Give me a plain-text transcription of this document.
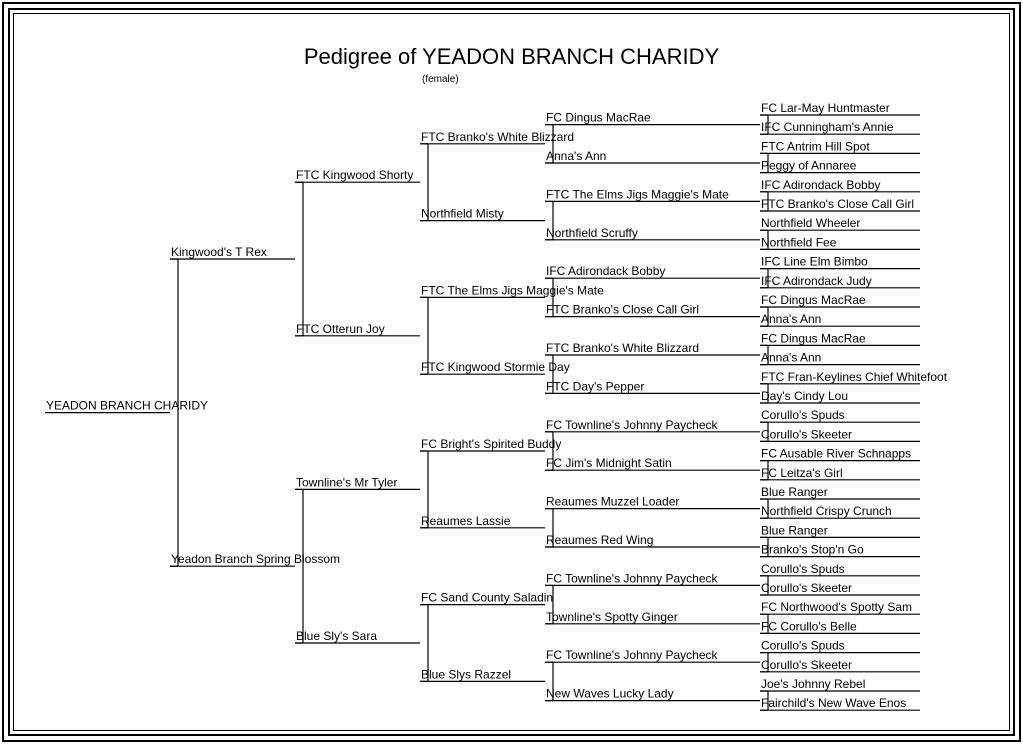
Pedigree of YEADON BRANCH CHARIDY
(female)
FC Lar-May Huntmaster
IFC Cunningham's Annie
FC Dingus MacRae
FTC Antrim Hill Spot
Peggy of Annaree
Anna's Ann
FTC Branko's White Blizzard
IFC Adirondack Bobby
FTC Branko's Close Call Girl
FTC The Elms Jigs Maggie's Mate
Northfield Wheeler
Northfield Fee
Northfield Scruffy
Northfield Misty
FTC Kingwood Shorty
IFC Line Elm Bimbo
IFC Adirondack Judy
IFC Adirondack Bobby
FC Dingus MacRae
Anna's Ann
FTC Branko's Close Call Girl
FTC The Elms Jigs Maggie's Mate
FC Dingus MacRae
Anna's Ann
FTC Branko's White Blizzard
FTC Fran-Keylines Chief Whitefoot
Day's Cindy Lou
FTC Day's Pepper
FTC Kingwood Stormie Day
FTC Otterun Joy
Kingwood's T Rex
Corullo's Spuds
Corullo's Skeeter
FC Townline's Johnny Paycheck
FC Ausable River Schnapps
FC Leitza's Girl
FC Jim's Midnight Satin
FC Bright's Spirited Buddy
Blue Ranger
Northfield Crispy Crunch
Reaumes Muzzel Loader
Blue Ranger
Branko's Stop'n Go
Reaumes Red Wing
Reaumes Lassie
Townline's Mr Tyler
Corullo's Spuds
Corullo's Skeeter
FC Townline's Johnny Paycheck
FC Northwood's Spotty Sam
FC Corullo's Belle
Townline's Spotty Ginger
FC Sand County Saladin
Corullo's Spuds
Corullo's Skeeter
FC Townline's Johnny Paycheck
Joe's Johnny Rebel
Fairchild's New Wave Enos
New Waves Lucky Lady
Blue Slys Razzel
Blue Sly's Sara
Yeadon Branch Spring Blossom
YEADON BRANCH CHARIDY
